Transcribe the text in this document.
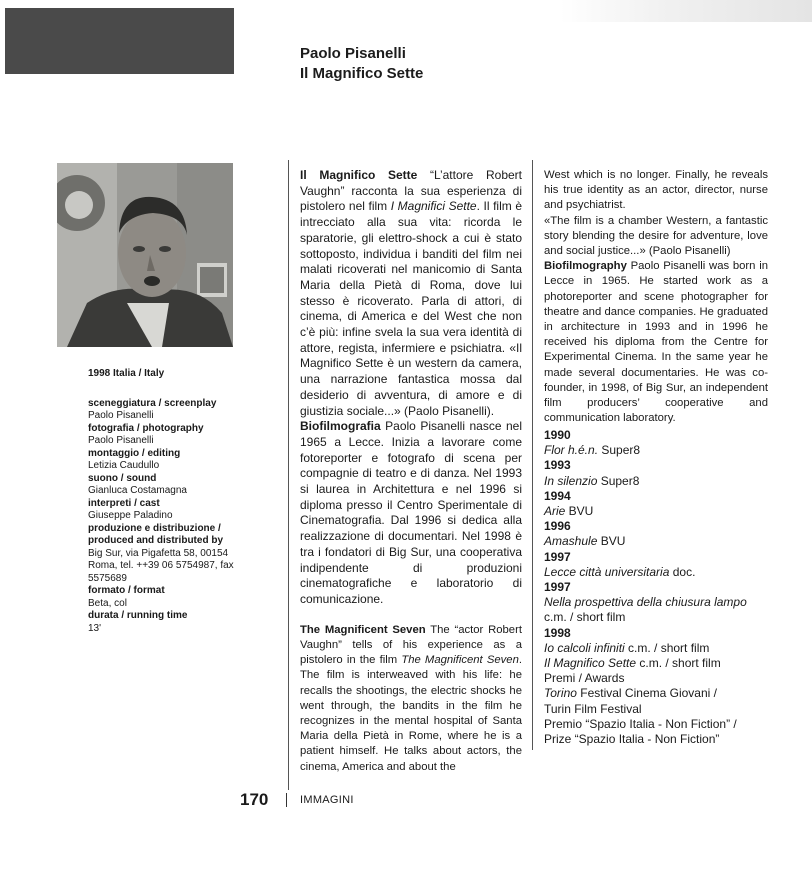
Paolo Pisanelli
Il Magnifico Sette
1998 Italia / Italy
sceneggiatura / screenplay
Paolo Pisanelli
fotografia / photography
Paolo Pisanelli
montaggio / editing
Letizia Caudullo
suono / sound
Gianluca Costamagna
interpreti / cast
Giuseppe Paladino
produzione e distribuzione / produced and distributed by
Big Sur, via Pigafetta 58, 00154 Roma, tel. ++39 06 5754987, fax 5575689
formato / format
Beta, col
durata / running time
13'

Il Magnifico Sette “L’attore Robert Vaughn” racconta la sua esperienza di pistolero nel film I Magnifici Sette. Il film è intrecciato alla sua vita: ricorda le sparatorie, gli elettro-shock a cui è stato sottoposto, individua i banditi del film nei malati ricoverati nel manicomio di Santa Maria della Pietà di Roma, dove lui stesso è ricoverato. Parla di attori, di cinema, di America e del West che non c’è più: infine svela la sua vera identità di attore, regista, infermiere e psichiatra. «Il Magnifico Sette è un western da camera, una narrazione fantastica mossa dal desiderio di avventura, di amore e di giustizia sociale...» (Paolo Pisanelli).

Biofilmografia Paolo Pisanelli nasce nel 1965 a Lecce. Inizia a lavorare come fotoreporter e fotografo di scena per compagnie di teatro e di danza. Nel 1993 si laurea in Architettura e nel 1996 si diploma presso il Centro Sperimentale di Cinematografia. Dal 1996 si dedica alla realizzazione di documentari. Nel 1998 è tra i fondatori di Big Sur, una cooperativa indipendente di produzioni cinematografiche e laboratorio di comunicazione.

The Magnificent Seven The “actor Robert Vaughn” tells of his experience as a pistolero in the film The Magnificent Seven. The film is interweaved with his life: he recalls the shootings, the electric shocks he went through, the bandits in the film he recognizes in the mental hospital of Santa Maria della Pietà in Rome, where he is a patient himself. He talks about actors, the cinema, America and about the

West which is no longer. Finally, he reveals his true identity as an actor, director, nurse and psychiatrist.

«The film is a chamber Western, a fantastic story blending the desire for adventure, love and social justice...» (Paolo Pisanelli)

Biofilmography Paolo Pisanelli was born in Lecce in 1965. He started work as a photoreporter and scene photographer for theatre and dance companies. He graduated in architecture in 1993 and in 1996 he received his diploma from the Centre for Experimental Cinema. In the same year he made several documentaries. He was co-founder, in 1998, of Big Sur, an independent film producers’ cooperative and communication laboratory.

1990
Flor h.é.n. Super8
1993
In silenzio Super8
1994
Arie BVU
1996
Amashule BVU
1997
Lecce città universitaria doc.
1997
Nella prospettiva della chiusura lampo
c.m. / short film
1998
Io calcoli infiniti c.m. / short film
Il Magnifico Sette c.m. / short film
Premi / Awards
Torino Festival Cinema Giovani /
Turin Film Festival
Premio “Spazio Italia - Non Fiction” /
Prize “Spazio Italia - Non Fiction”
170	IMMAGINI
